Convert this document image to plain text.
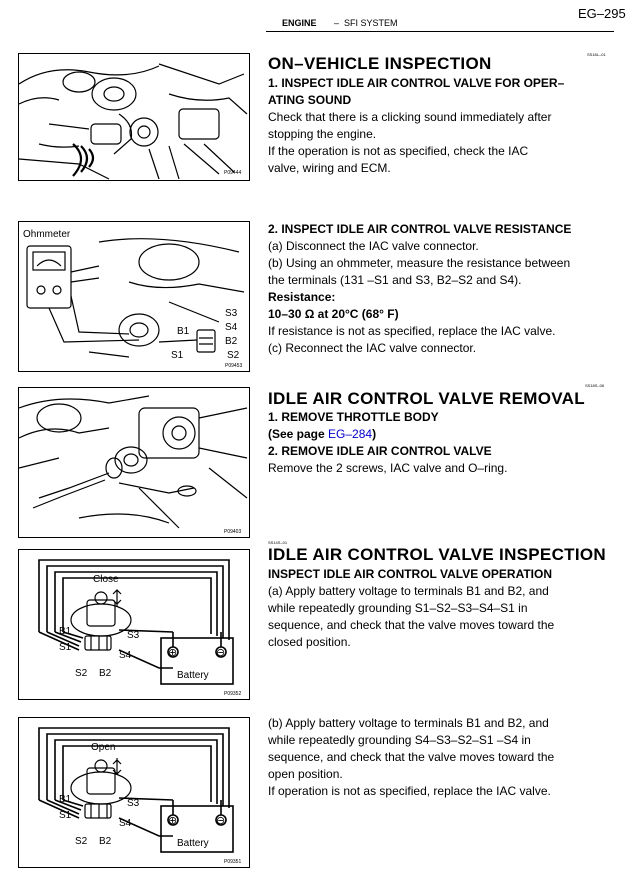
ENGINE – SFI SYSTEM
EG–295
P09444
Ohmmeter
S3
S4
B1
B2
S1	S2
P09453
P09403
Close
B1
S1
S3
S4
S2 B2
⊕	⊖
Battery
P09352
Open
B1
S1
S3
S4
S2 B2
⊕	⊖
Battery
P09351
SS18L–01
ON–VEHICLE INSPECTION
1. INSPECT IDLE AIR CONTROL VALVE FOR OPER–
ATING SOUND
Check that there is a clicking sound immediately after
stopping the engine.
If the operation is not as specified, check the IAC
valve, wiring and ECM.
2. INSPECT IDLE AIR CONTROL VALVE RESISTANCE
(a) Disconnect the IAC valve connector.
(b) Using an ohmmeter, measure the resistance between
the terminals (131 –S1 and S3, B2–S2 and S4).
Resistance:
10–30 Ω at 20°C (68° F)
If resistance is not as specified, replace the IAC valve.
(c) Reconnect the IAC valve connector.
SS18S–06
IDLE AIR CONTROL VALVE REMOVAL
1. REMOVE THROTTLE BODY
(See page EG–284)
2. REMOVE IDLE AIR CONTROL VALVE
Remove the 2 screws, IAC valve and O–ring.
SS14S–01
IDLE AIR CONTROL VALVE INSPECTION
INSPECT IDLE AIR CONTROL VALVE OPERATION
(a) Apply battery voltage to terminals B1 and B2, and
while repeatedly grounding S1–S2–S3–S4–S1 in
sequence, and check that the valve moves toward the
closed position.
(b) Apply battery voltage to terminals B1 and B2, and
while repeatedly grounding S4–S3–S2–S1 –S4 in
sequence, and check that the valve moves toward the
open position.
If operation is not as specified, replace the IAC valve.
